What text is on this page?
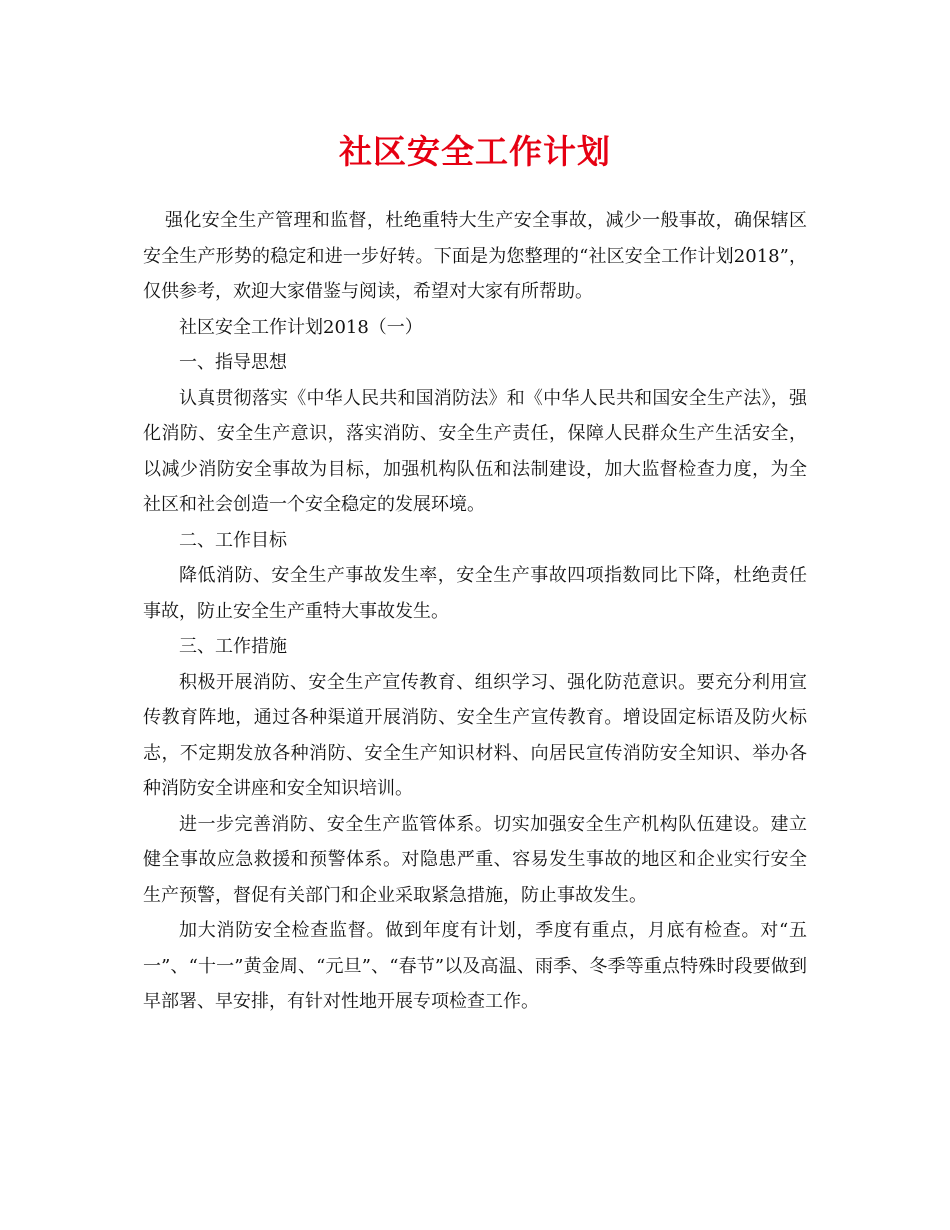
社区安全工作计划

强化安全生产管理和监督，杜绝重特大生产安全事故，减少一般事故，确保辖区安全生产形势的稳定和进一步好转。下面是为您整理的“社区安全工作计划2018”，仅供参考，欢迎大家借鉴与阅读，希望对大家有所帮助。

社区安全工作计划2018（一）

一、指导思想

认真贯彻落实《中华人民共和国消防法》和《中华人民共和国安全生产法》，强化消防、安全生产意识，落实消防、安全生产责任，保障人民群众生产生活安全，以减少消防安全事故为目标，加强机构队伍和法制建设，加大监督检查力度，为全社区和社会创造一个安全稳定的发展环境。

二、工作目标

降低消防、安全生产事故发生率，安全生产事故四项指数同比下降，杜绝责任事故，防止安全生产重特大事故发生。

三、工作措施

积极开展消防、安全生产宣传教育、组织学习、强化防范意识。要充分利用宣传教育阵地，通过各种渠道开展消防、安全生产宣传教育。增设固定标语及防火标志，不定期发放各种消防、安全生产知识材料、向居民宣传消防安全知识、举办各种消防安全讲座和安全知识培训。

进一步完善消防、安全生产监管体系。切实加强安全生产机构队伍建设。建立健全事故应急救援和预警体系。对隐患严重、容易发生事故的地区和企业实行安全生产预警，督促有关部门和企业采取紧急措施，防止事故发生。

加大消防安全检查监督。做到年度有计划，季度有重点，月底有检查。对“五一”、“十一”黄金周、“元旦”、“春节”以及高温、雨季、冬季等重点特殊时段要做到早部署、早安排，有针对性地开展专项检查工作。
